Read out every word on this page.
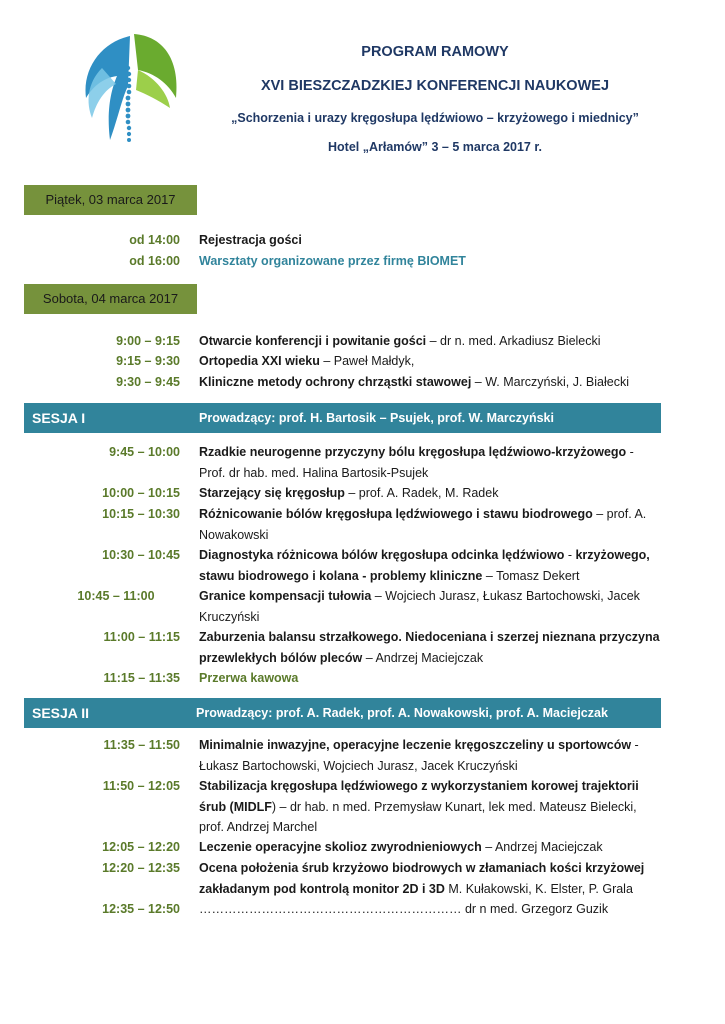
PROGRAM RAMOWY
XVI BIESZCZADZKIEJ KONFERENCJI NAUKOWEJ
„Schorzenia i urazy kręgosłupa lędźwiowo – krzyżowego i miednicy”
Hotel „Arłamów” 3 – 5 marca 2017 r.
Piątek, 03 marca 2017
od 14:00 Rejestracja gości
od 16:00 Warsztaty organizowane przez firmę BIOMET
Sobota, 04 marca 2017
9:00 – 9:15 Otwarcie konferencji i powitanie gości – dr n. med. Arkadiusz Bielecki
9:15 – 9:30 Ortopedia XXI wieku – Paweł Małdyk,
9:30 – 9:45 Kliniczne metody ochrony chrząstki stawowej – W. Marczyński, J. Białecki
SESJA I	Prowadzący: prof. H. Bartosik – Psujek, prof. W. Marczyński
9:45 – 10:00 Rzadkie neurogenne przyczyny bólu kręgosłupa lędźwiowo-krzyżowego - Prof. dr hab. med. Halina Bartosik-Psujek
10:00 – 10:15 Starzejący się kręgosłup – prof. A. Radek, M. Radek
10:15 – 10:30 Różnicowanie bólów kręgosłupa lędźwiowego i stawu biodrowego – prof. A. Nowakowski
10:30 – 10:45 Diagnostyka różnicowa bólów kręgosłupa odcinka lędźwiowo - krzyżowego, stawu biodrowego i kolana - problemy kliniczne – Tomasz Dekert
10:45 – 11:00	Granice kompensacji tułowia – Wojciech Jurasz, Łukasz Bartochowski, Jacek Kruczyński
11:00 – 11:15 Zaburzenia balansu strzałkowego. Niedoceniana i szerzej nieznana przyczyna przewlekłych bólów pleców – Andrzej Maciejczak
11:15 – 11:35 Przerwa kawowa
SESJA II	Prowadzący: prof. A. Radek, prof. A. Nowakowski, prof. A. Maciejczak
11:35 – 11:50 Minimalnie inwazyjne, operacyjne leczenie kręgoszczeliny u sportowców - Łukasz Bartochowski, Wojciech Jurasz, Jacek Kruczyński
11:50 – 12:05 Stabilizacja kręgosłupa lędźwiowego z wykorzystaniem korowej trajektorii śrub (MIDLF) – dr hab. n med. Przemysław Kunart, lek med. Mateusz Bielecki, prof. Andrzej Marchel
12:05 – 12:20 Leczenie operacyjne skolioz zwyrodnieniowych – Andrzej Maciejczak
12:20 – 12:35 Ocena położenia śrub krzyżowo biodrowych w złamaniach kości krzyżowej zakładanym pod kontrolą monitor 2D i 3D M. Kułakowski, K. Elster, P. Grala
12:35 – 12:50 ……………………………………………………… dr n med. Grzegorz Guzik
